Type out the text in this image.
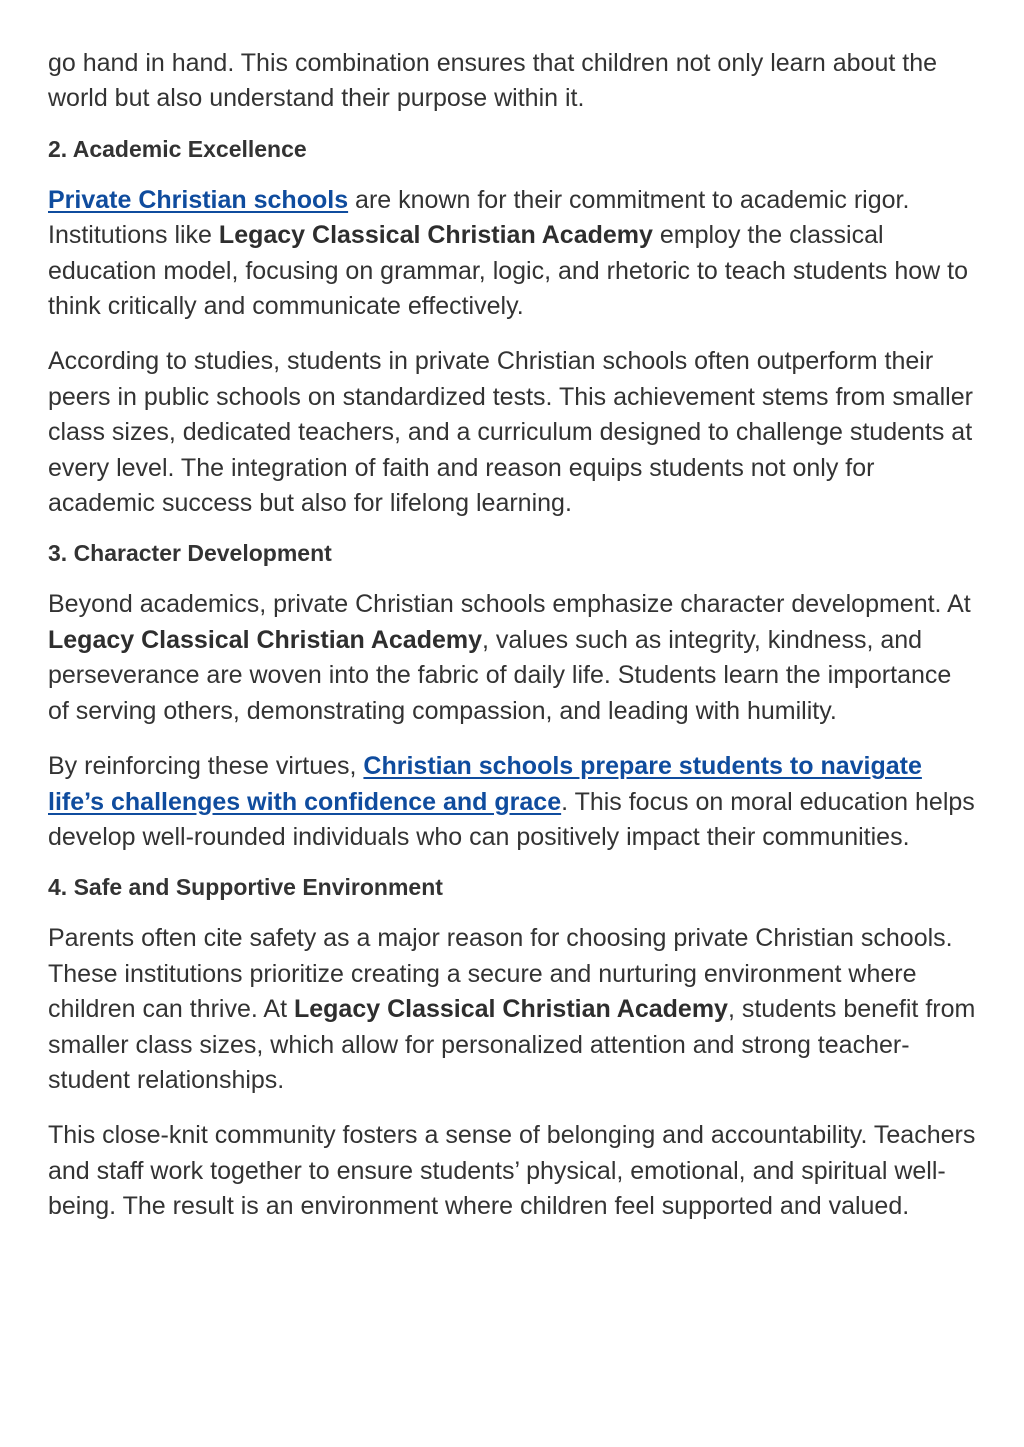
go hand in hand. This combination ensures that children not only learn about the world but also understand their purpose within it.

2. Academic Excellence

Private Christian schools are known for their commitment to academic rigor. Institutions like Legacy Classical Christian Academy employ the classical education model, focusing on grammar, logic, and rhetoric to teach students how to think critically and communicate effectively.

According to studies, students in private Christian schools often outperform their peers in public schools on standardized tests. This achievement stems from smaller class sizes, dedicated teachers, and a curriculum designed to challenge students at every level. The integration of faith and reason equips students not only for academic success but also for lifelong learning.

3. Character Development

Beyond academics, private Christian schools emphasize character development. At Legacy Classical Christian Academy, values such as integrity, kindness, and perseverance are woven into the fabric of daily life. Students learn the importance of serving others, demonstrating compassion, and leading with humility.

By reinforcing these virtues, Christian schools prepare students to navigate life’s challenges with confidence and grace. This focus on moral education helps develop well-rounded individuals who can positively impact their communities.

4. Safe and Supportive Environment

Parents often cite safety as a major reason for choosing private Christian schools. These institutions prioritize creating a secure and nurturing environment where children can thrive. At Legacy Classical Christian Academy, students benefit from smaller class sizes, which allow for personalized attention and strong teacher-student relationships.

This close-knit community fosters a sense of belonging and accountability. Teachers and staff work together to ensure students’ physical, emotional, and spiritual well-being. The result is an environment where children feel supported and valued.
